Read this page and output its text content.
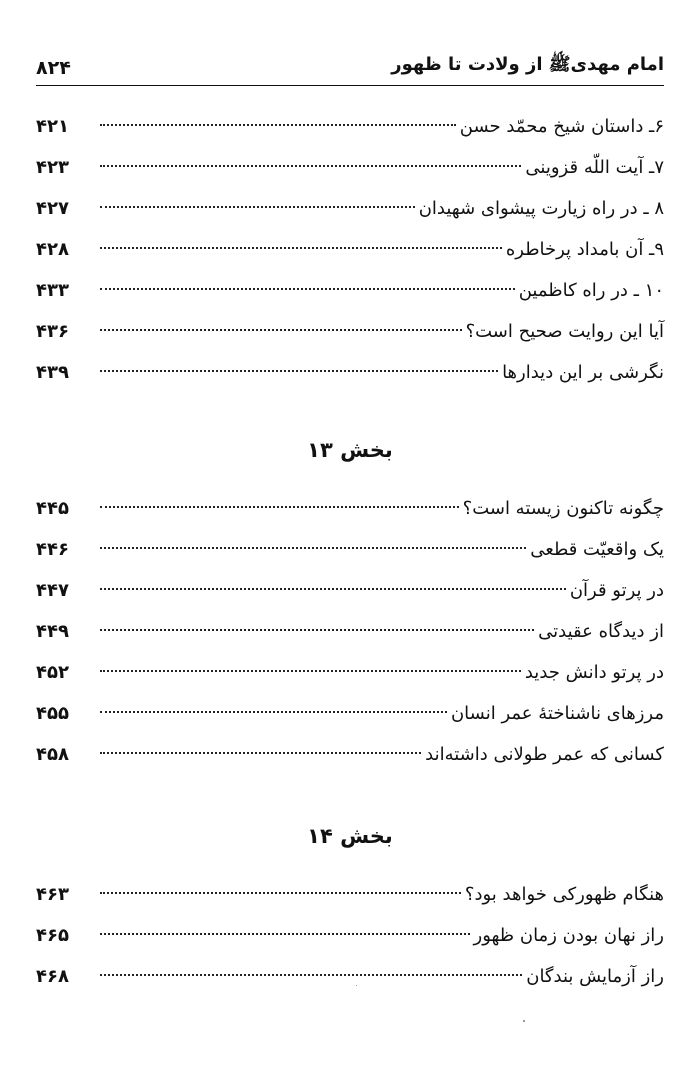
۸۲۴	امام مهدیﷺ از ولادت تا ظهور
۶ـ داستان شیخ محمّد حسن
۴۲۱
۷ـ آیت اللّه قزوینی
۴۲۳
۸ ـ در راه زیارت پیشوای شهیدان
۴۲۷
۹ـ آن بامداد پرخاطره
۴۲۸
۱۰ ـ در راه کاظمین
۴۳۳
آیا این روایت صحیح است؟
۴۳۶
نگرشی بر این دیدارها
۴۳۹
بخش ۱۳
چگونه تاکنون زیسته است؟
۴۴۵
یک واقعیّت قطعی
۴۴۶
در پرتو قرآن
۴۴۷
از دیدگاه عقیدتی
۴۴۹
در پرتو دانش جدید
۴۵۲
مرزهای ناشناختهٔ عمر انسان
۴۵۵
کسانی که عمر طولانی داشته‌اند
۴۵۸
بخش ۱۴
هنگام ظهورکی خواهد بود؟
۴۶۳
راز نهان بودن زمان ظهور
۴۶۵
راز آزمایش بندگان
۴۶۸
